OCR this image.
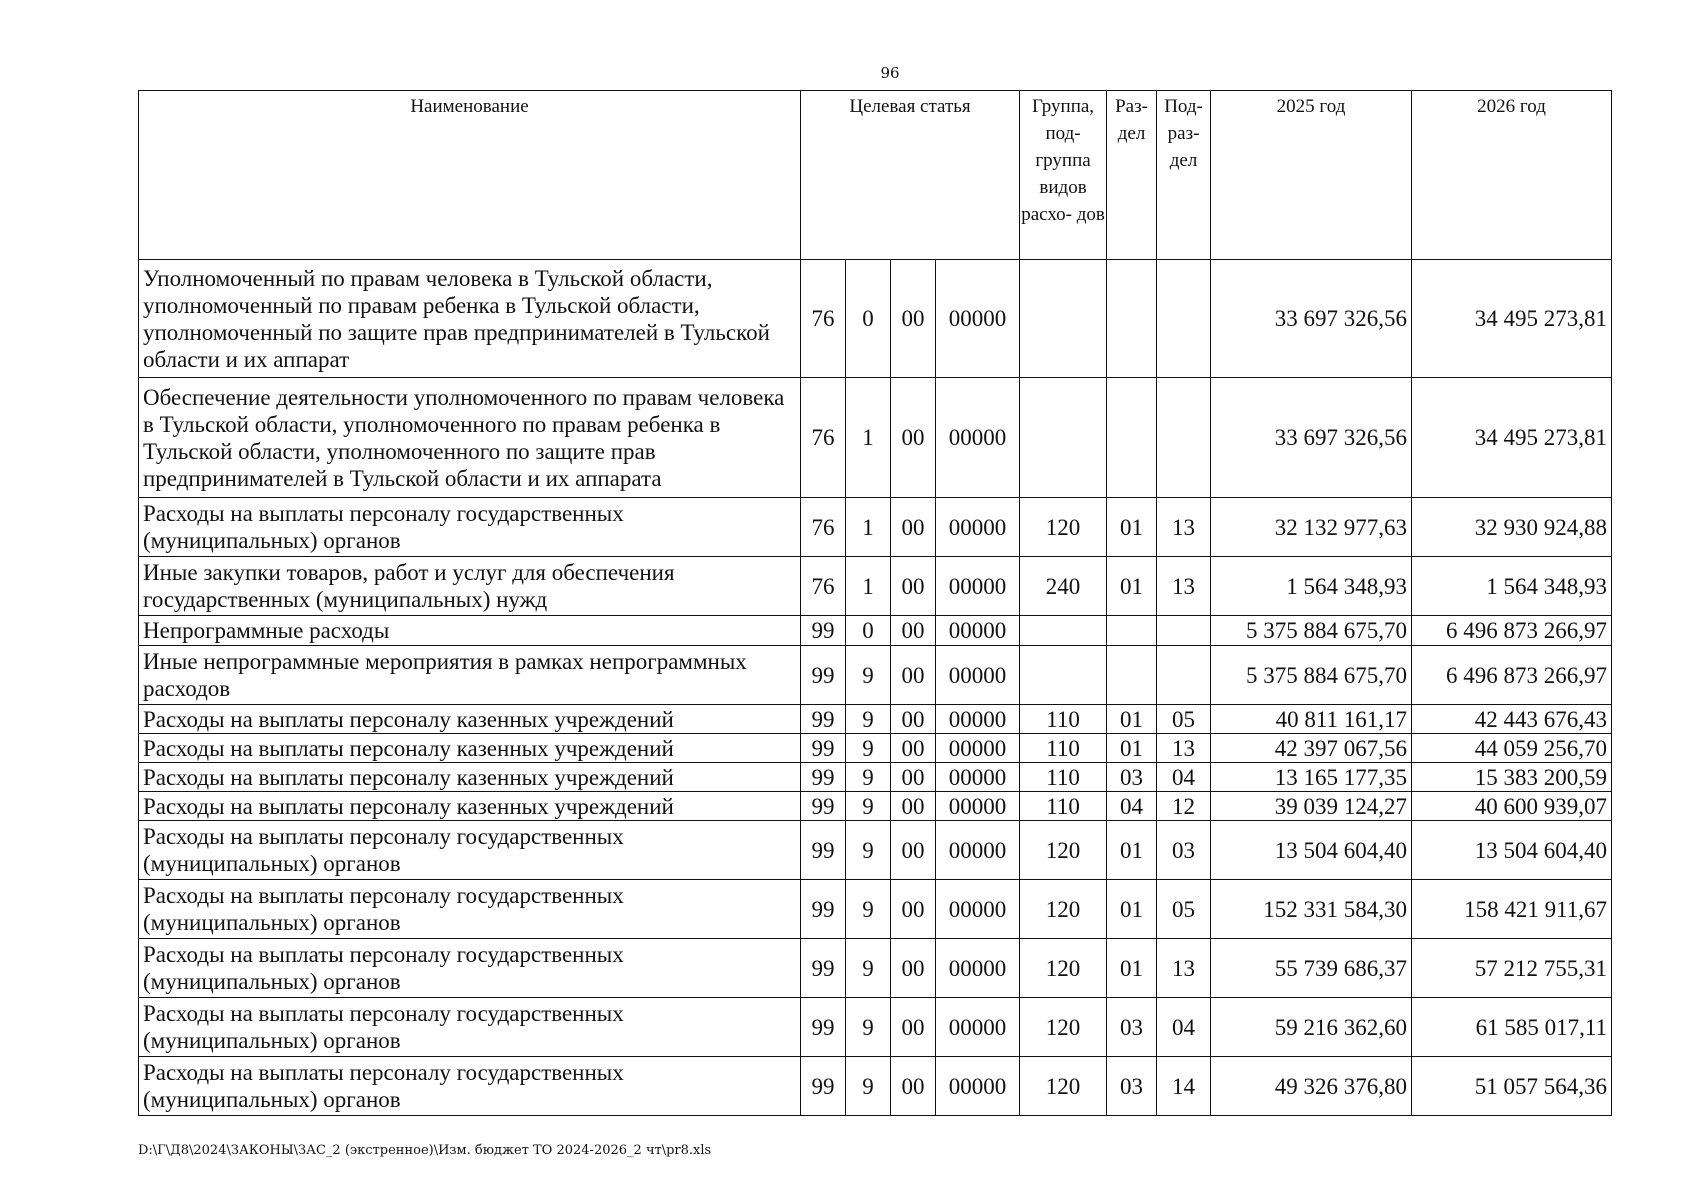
96
Наименование	Целевая статья				Группа, под- группа видов расхо- дов	Раз- дел	Под- раз- дел	2025 год	2026 год
Уполномоченный по правам человека в Тульской области, уполномоченный по правам ребенка в Тульской области, уполномоченный по защите прав предпринимателей в Тульской области и их аппарат	76	0	00	00000				33 697 326,56	34 495 273,81
Обеспечение деятельности уполномоченного по правам человека в Тульской области, уполномоченного по правам ребенка в Тульской области, уполномоченного по защите прав предпринимателей в Тульской области и их аппарата	76	1	00	00000				33 697 326,56	34 495 273,81
Расходы на выплаты персоналу государственных (муниципальных) органов	76	1	00	00000	120	01	13	32 132 977,63	32 930 924,88
Иные закупки товаров, работ и услуг для обеспечения государственных (муниципальных) нужд	76	1	00	00000	240	01	13	1 564 348,93	1 564 348,93
Непрограммные расходы	99	0	00	00000				5 375 884 675,70	6 496 873 266,97
Иные непрограммные мероприятия в рамках непрограммных расходов	99	9	00	00000				5 375 884 675,70	6 496 873 266,97
Расходы на выплаты персоналу казенных учреждений	99	9	00	00000	110	01	05	40 811 161,17	42 443 676,43
Расходы на выплаты персоналу казенных учреждений	99	9	00	00000	110	01	13	42 397 067,56	44 059 256,70
Расходы на выплаты персоналу казенных учреждений	99	9	00	00000	110	03	04	13 165 177,35	15 383 200,59
Расходы на выплаты персоналу казенных учреждений	99	9	00	00000	110	04	12	39 039 124,27	40 600 939,07
Расходы на выплаты персоналу государственных (муниципальных) органов	99	9	00	00000	120	01	03	13 504 604,40	13 504 604,40
Расходы на выплаты персоналу государственных (муниципальных) органов	99	9	00	00000	120	01	05	152 331 584,30	158 421 911,67
Расходы на выплаты персоналу государственных (муниципальных) органов	99	9	00	00000	120	01	13	55 739 686,37	57 212 755,31
Расходы на выплаты персоналу государственных (муниципальных) органов	99	9	00	00000	120	03	04	59 216 362,60	61 585 017,11
Расходы на выплаты персоналу государственных (муниципальных) органов	99	9	00	00000	120	03	14	49 326 376,80	51 057 564,36
D:\Г\Д8\2024\ЗАКОНЫ\ЗАС_2 (экстренное)\Изм. бюджет ТО 2024-2026_2 чт\pr8.xls
